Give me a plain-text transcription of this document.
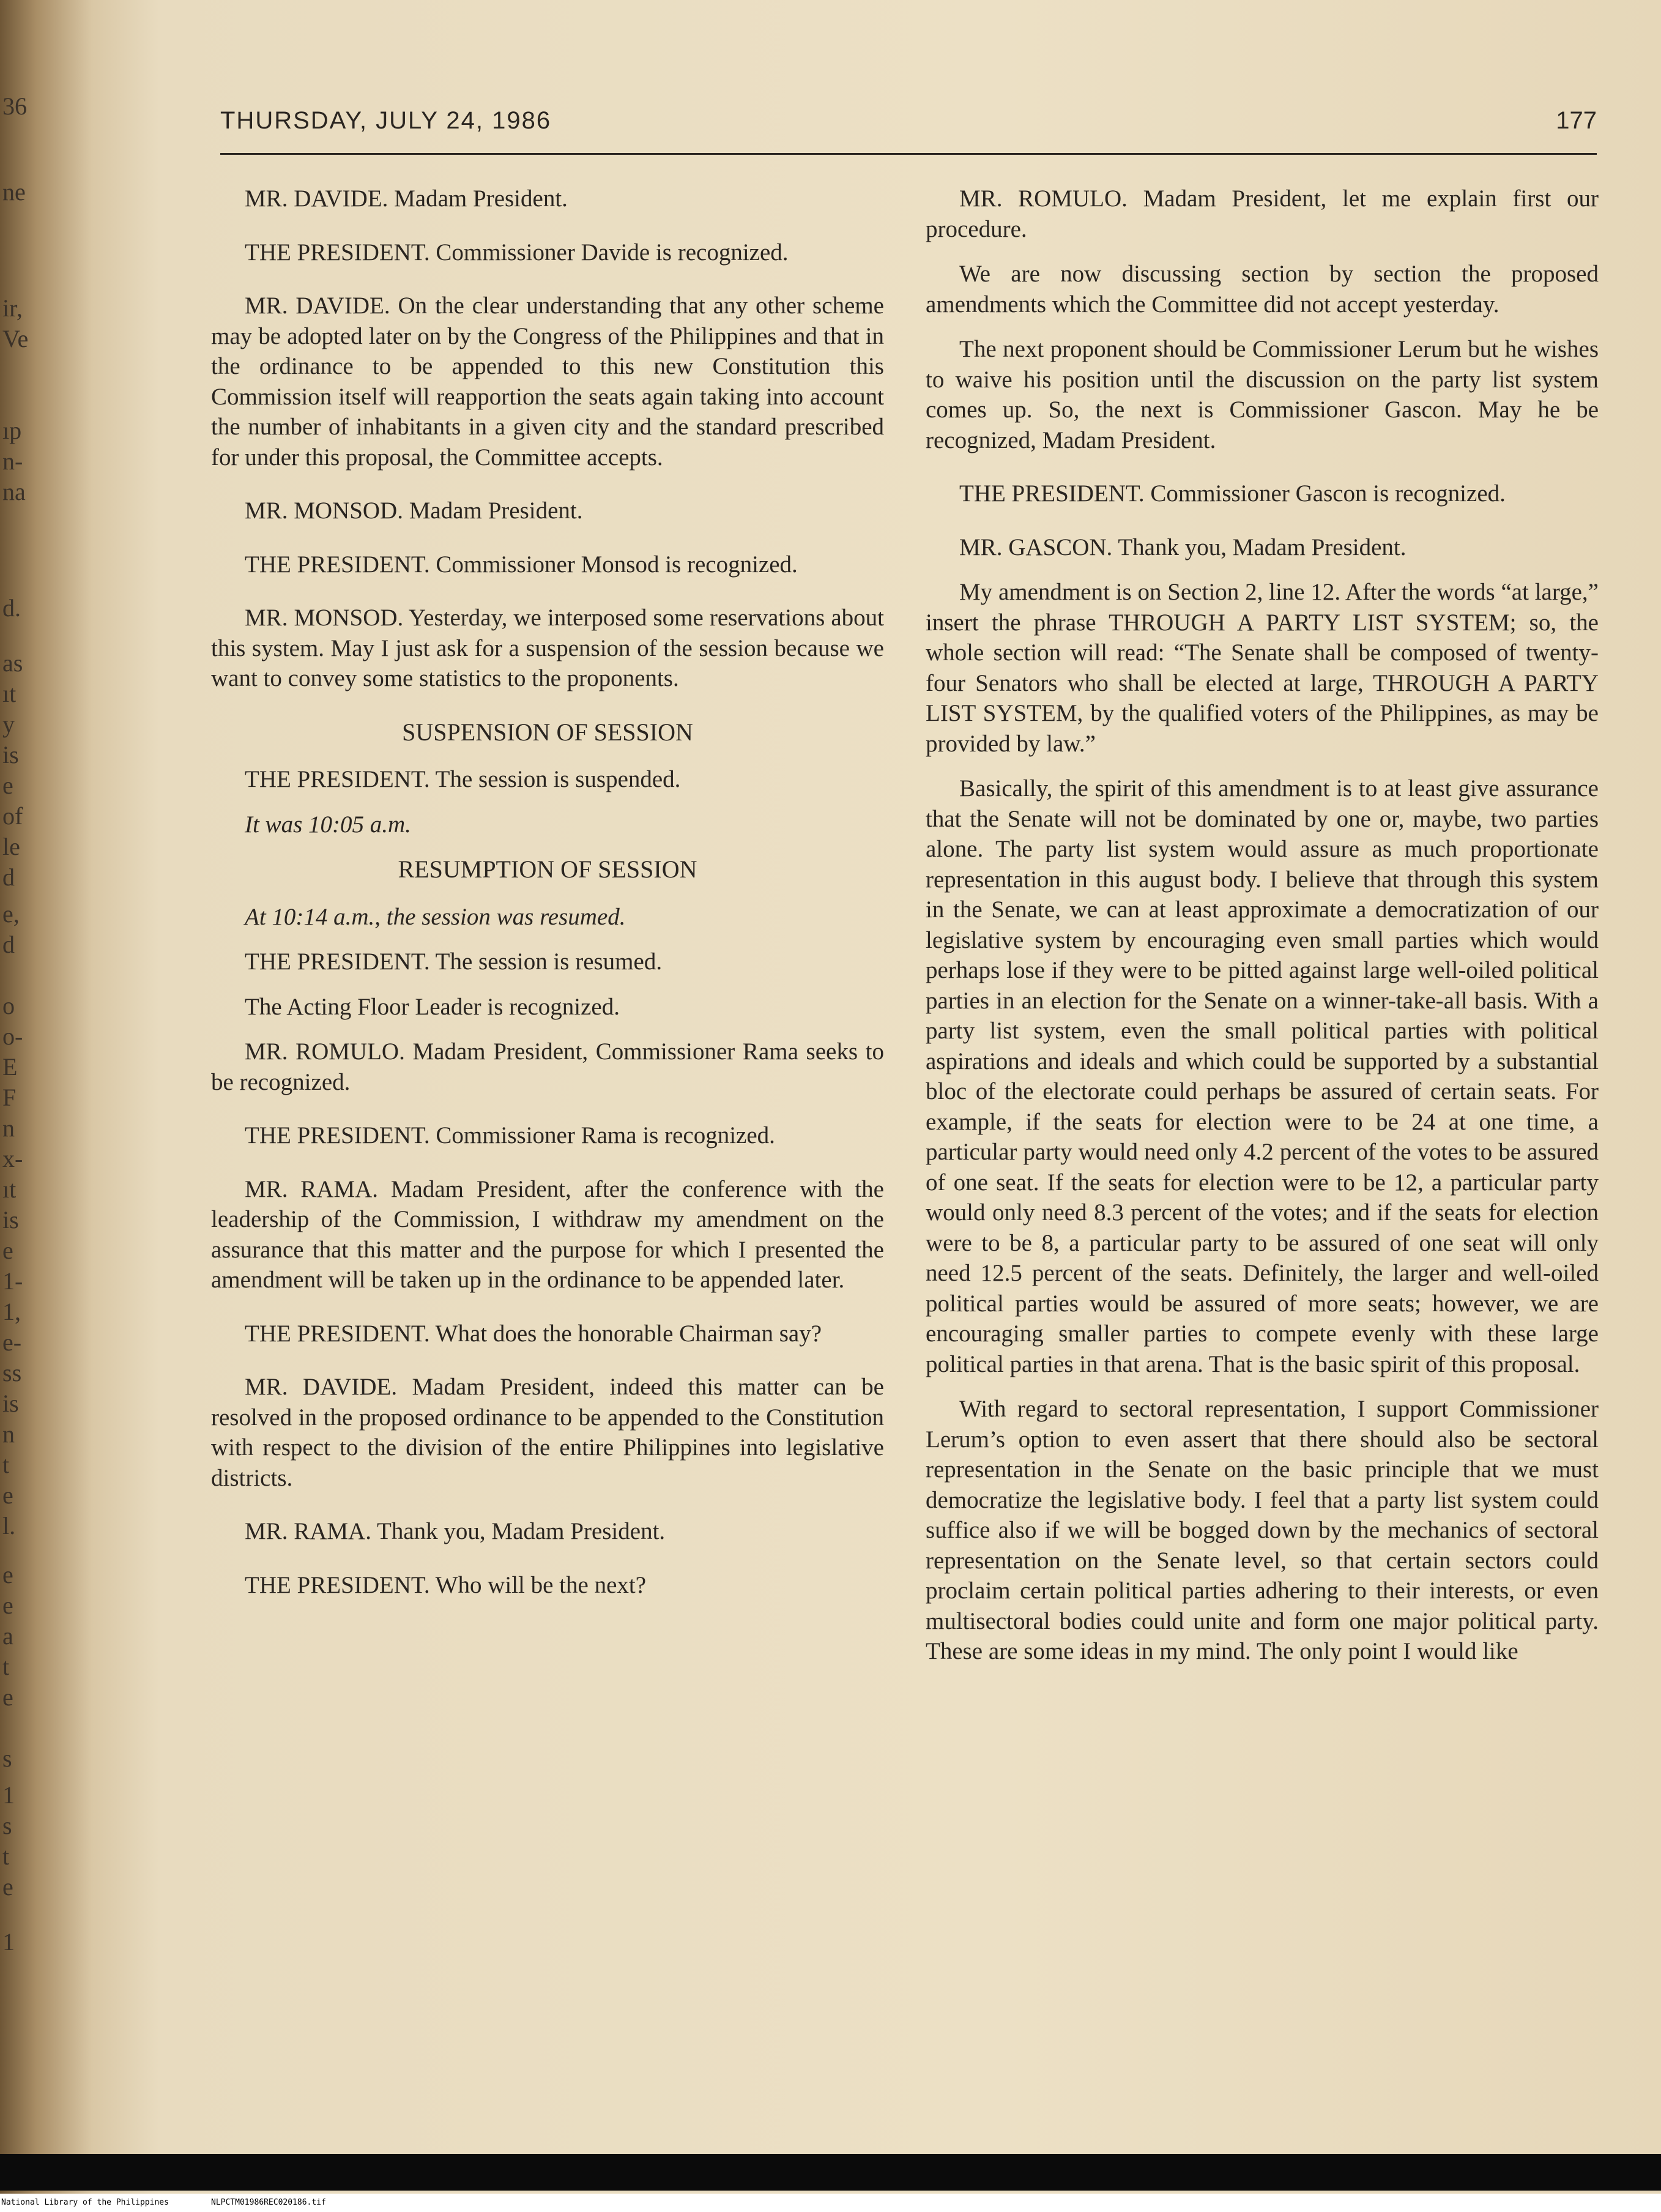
36
ne
ir,
Ve
ıp
n-
na
d.
as
ıt
y
is
e
of
le
d
e,
d
o
o-
E
F
n
x-
ıt
is
e
1-
1,
e-
ss
is
n
t
e
l.
e
e
a
t
e
s
1
s
t
e
1
THURSDAY, JULY 24, 1986	177

MR. DAVIDE. Madam President.

THE PRESIDENT. Commissioner Davide is recognized.

MR. DAVIDE. On the clear understanding that any other scheme may be adopted later on by the Congress of the Philippines and that in the ordinance to be appended to this new Constitution this Commission itself will reapportion the seats again taking into account the number of inhabitants in a given city and the standard prescribed for under this proposal, the Committee accepts.

MR. MONSOD. Madam President.

THE PRESIDENT. Commissioner Monsod is recognized.

MR. MONSOD. Yesterday, we interposed some reservations about this system. May I just ask for a suspension of the session because we want to convey some statistics to the proponents.

SUSPENSION OF SESSION

THE PRESIDENT. The session is suspended.

It was 10:05 a.m.

RESUMPTION OF SESSION

At 10:14 a.m., the session was resumed.

THE PRESIDENT. The session is resumed.

The Acting Floor Leader is recognized.

MR. ROMULO. Madam President, Commissioner Rama seeks to be recognized.

THE PRESIDENT. Commissioner Rama is recognized.

MR. RAMA. Madam President, after the conference with the leadership of the Commission, I withdraw my amendment on the assurance that this matter and the purpose for which I presented the amendment will be taken up in the ordinance to be appended later.

THE PRESIDENT. What does the honorable Chairman say?

MR. DAVIDE. Madam President, indeed this matter can be resolved in the proposed ordinance to be appended to the Constitution with respect to the division of the entire Philippines into legislative districts.

MR. RAMA. Thank you, Madam President.

THE PRESIDENT. Who will be the next?

MR. ROMULO. Madam President, let me explain first our procedure.

We are now discussing section by section the proposed amendments which the Committee did not accept yesterday.

The next proponent should be Commissioner Lerum but he wishes to waive his position until the discussion on the party list system comes up. So, the next is Commissioner Gascon. May he be recognized, Madam President.

THE PRESIDENT. Commissioner Gascon is recognized.

MR. GASCON. Thank you, Madam President.

My amendment is on Section 2, line 12. After the words “at large,” insert the phrase THROUGH A PARTY LIST SYSTEM; so, the whole section will read: “The Senate shall be composed of twenty-four Senators who shall be elected at large, THROUGH A PARTY LIST SYSTEM, by the qualified voters of the Philippines, as may be provided by law.”

Basically, the spirit of this amendment is to at least give assurance that the Senate will not be dominated by one or, maybe, two parties alone. The party list system would assure as much proportionate representation in this august body. I believe that through this system in the Senate, we can at least approximate a democratization of our legislative system by encouraging even small parties which would perhaps lose if they were to be pitted against large well-oiled political parties in an election for the Senate on a winner-take-all basis. With a party list system, even the small political parties with political aspirations and ideals and which could be supported by a substantial bloc of the electorate could perhaps be assured of certain seats. For example, if the seats for election were to be 24 at one time, a particular party would need only 4.2 percent of the votes to be assured of one seat. If the seats for election were to be 12, a particular party would only need 8.3 percent of the votes; and if the seats for election were to be 8, a particular party to be assured of one seat will only need 12.5 percent of the seats. Definitely, the larger and well-oiled political parties would be assured of more seats; however, we are encouraging smaller parties to compete evenly with these large political parties in that arena. That is the basic spirit of this proposal.

With regard to sectoral representation, I support Commissioner Lerum’s option to even assert that there should also be sectoral representation in the Senate on the basic principle that we must democratize the legislative body. I feel that a party list system could suffice also if we will be bogged down by the mechanics of sectoral representation on the Senate level, so that certain sectors could proclaim certain political parties adhering to their interests, or even multisectoral bodies could unite and form one major political party. These are some ideas in my mind. The only point I would like

National Library of the Philippines	NLPCTM01986REC020186.tif
